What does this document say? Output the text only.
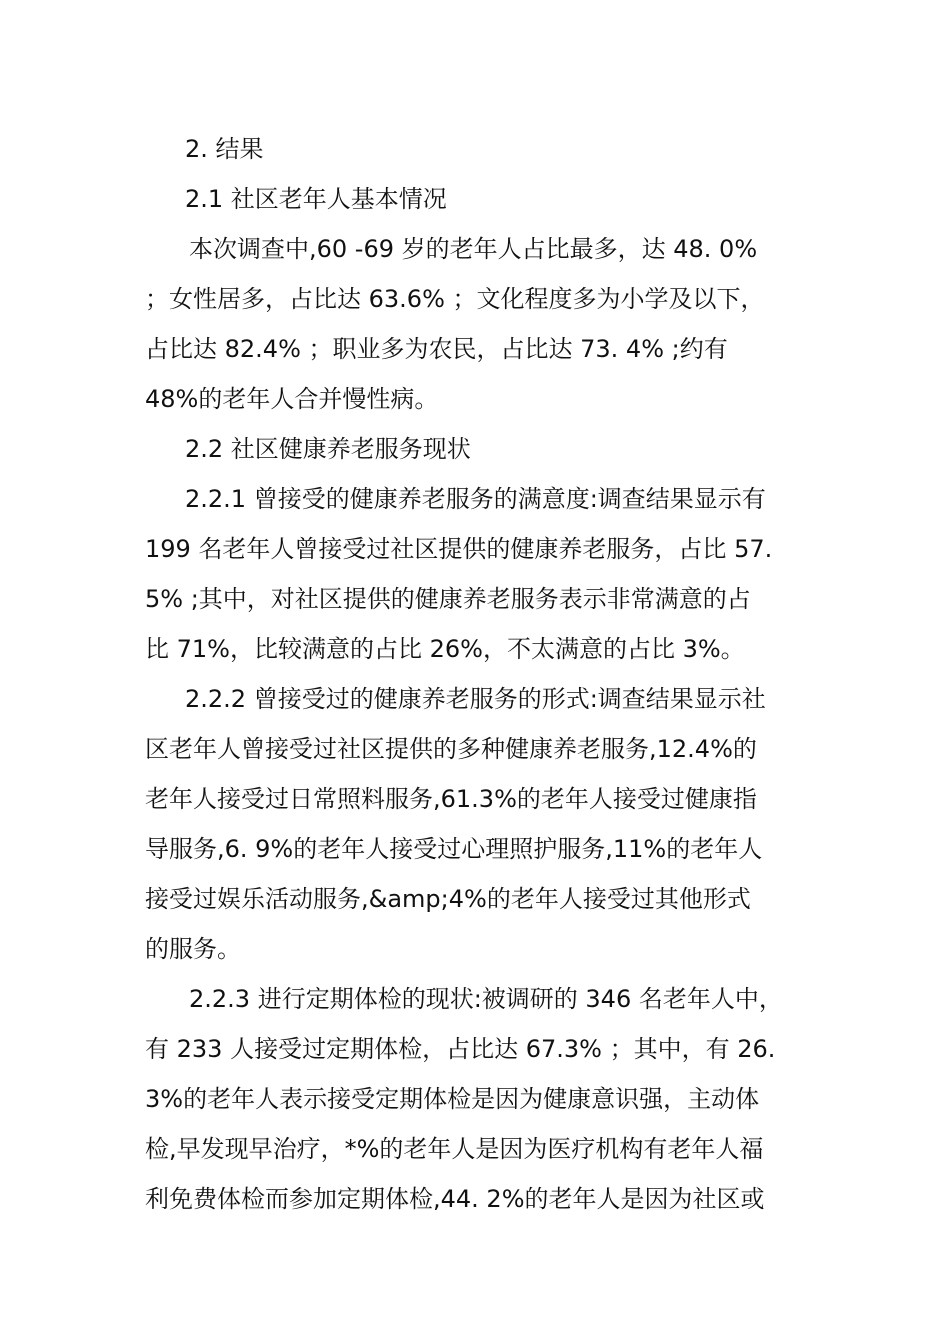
2. 结果
2.1 社区老年人基本情况
本次调查中,60 -69 岁的老年人占比最多，达 48. 0%
；女性居多，占比达 63.6% ；文化程度多为小学及以下，
占比达 82.4% ；职业多为农民，占比达 73. 4% ;约有
48%的老年人合并慢性病。
2.2 社区健康养老服务现状
2.2.1 曾接受的健康养老服务的满意度:调查结果显示有
199 名老年人曾接受过社区提供的健康养老服务，占比 57.
5% ;其中，对社区提供的健康养老服务表示非常满意的占
比 71%，比较满意的占比 26%，不太满意的占比 3%。
2.2.2 曾接受过的健康养老服务的形式:调查结果显示社
区老年人曾接受过社区提供的多种健康养老服务,12.4%的
老年人接受过日常照料服务,61.3%的老年人接受过健康指
导服务,6. 9%的老年人接受过心理照护服务,11%的老年人
接受过娱乐活动服务,&amp;4%的老年人接受过其他形式
的服务。
2.2.3 进行定期体检的现状:被调研的 346 名老年人中，
有 233 人接受过定期体检，占比达 67.3% ；其中，有 26.
3%的老年人表示接受定期体检是因为健康意识强，主动体
检,早发现早治疗，*%的老年人是因为医疗机构有老年人福
利免费体检而参加定期体检,44. 2%的老年人是因为社区或
